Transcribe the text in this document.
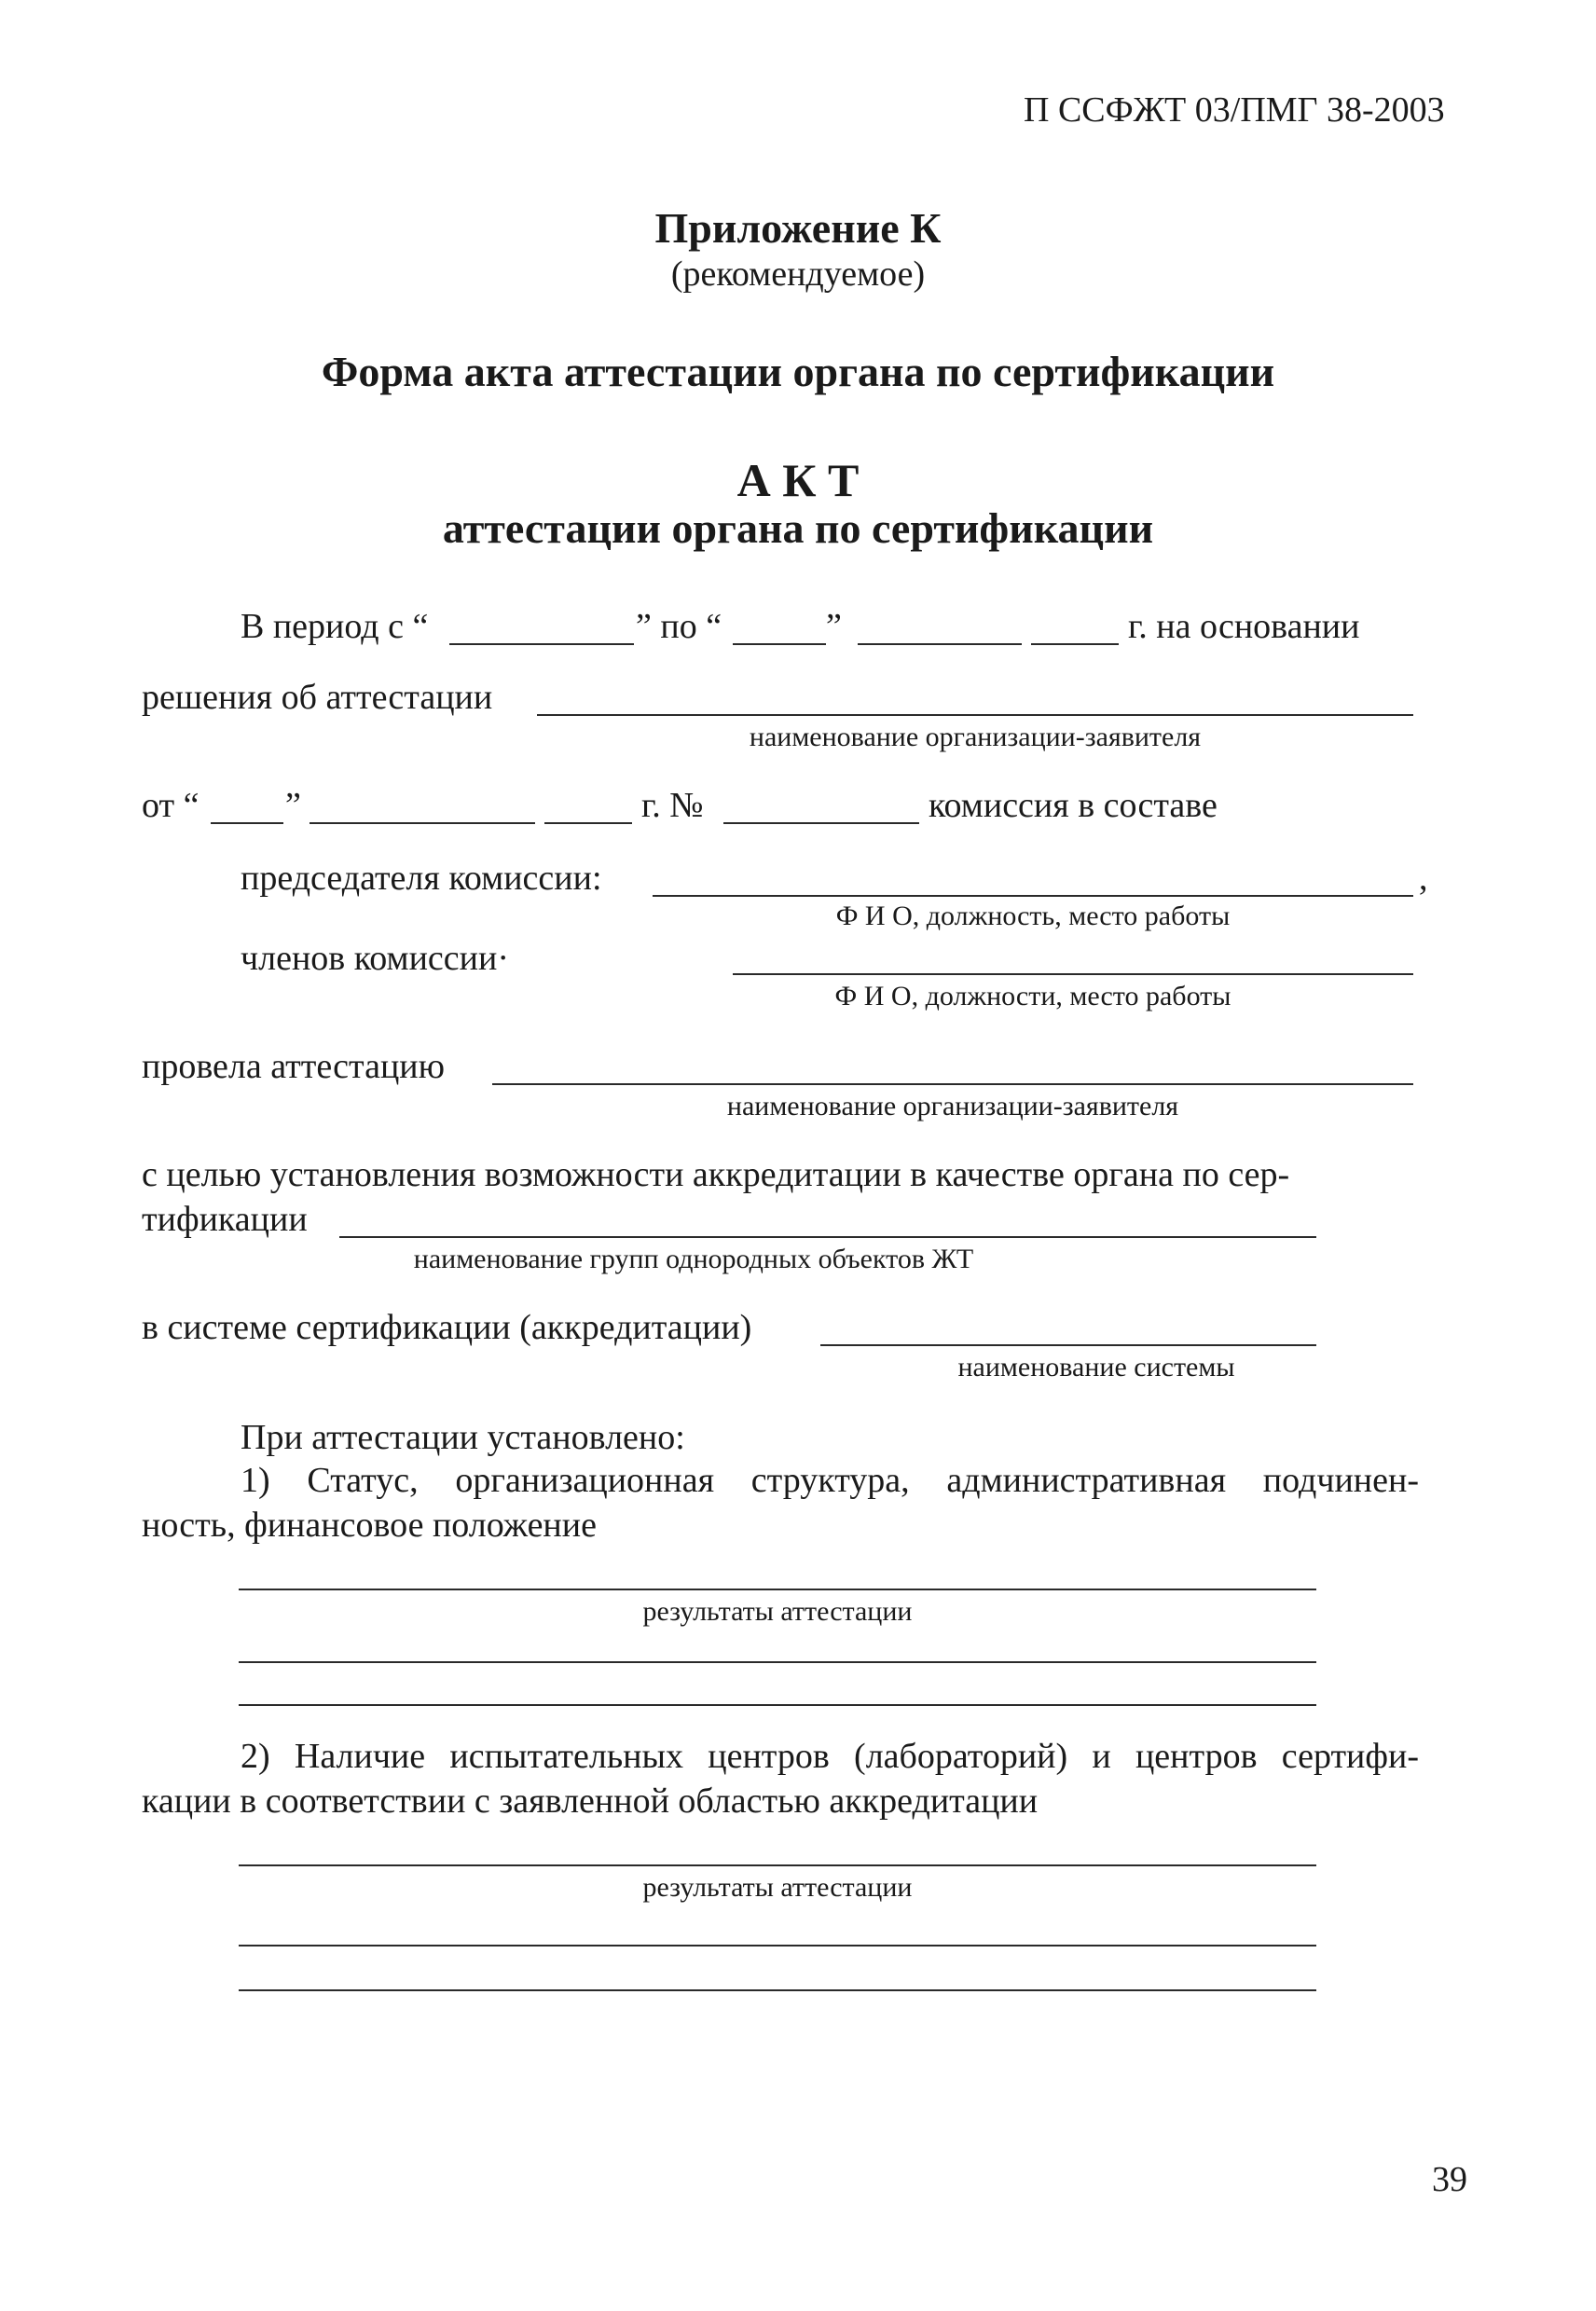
П ССФЖТ 03/ПМГ 38-2003
Приложение К
(рекомендуемое)
Форма акта аттестации органа по сертификации
А К Т
аттестации органа по сертификации
В период с “	” по “	”	г. на основании
решения об аттестации
наименование организации-заявителя
от “ ”	г. №	комиссия в составе
председателя комиссии:	,
Ф И О, должность, место работы
членов комиссии·
Ф И О, должности, место работы
провела аттестацию
наименование организации-заявителя
с целью установления возможности аккредитации в качестве органа по сер-
тификации
наименование групп однородных объектов ЖТ
в системе сертификации (аккредитации)
наименование системы
При аттестации установлено:
1) Статус, организационная структура, административная подчинен-
ность, финансовое положение
результаты аттестации
2) Наличие испытательных центров (лабораторий) и центров сертифи-
кации в соответствии с заявленной областью аккредитации
результаты аттестации
39
